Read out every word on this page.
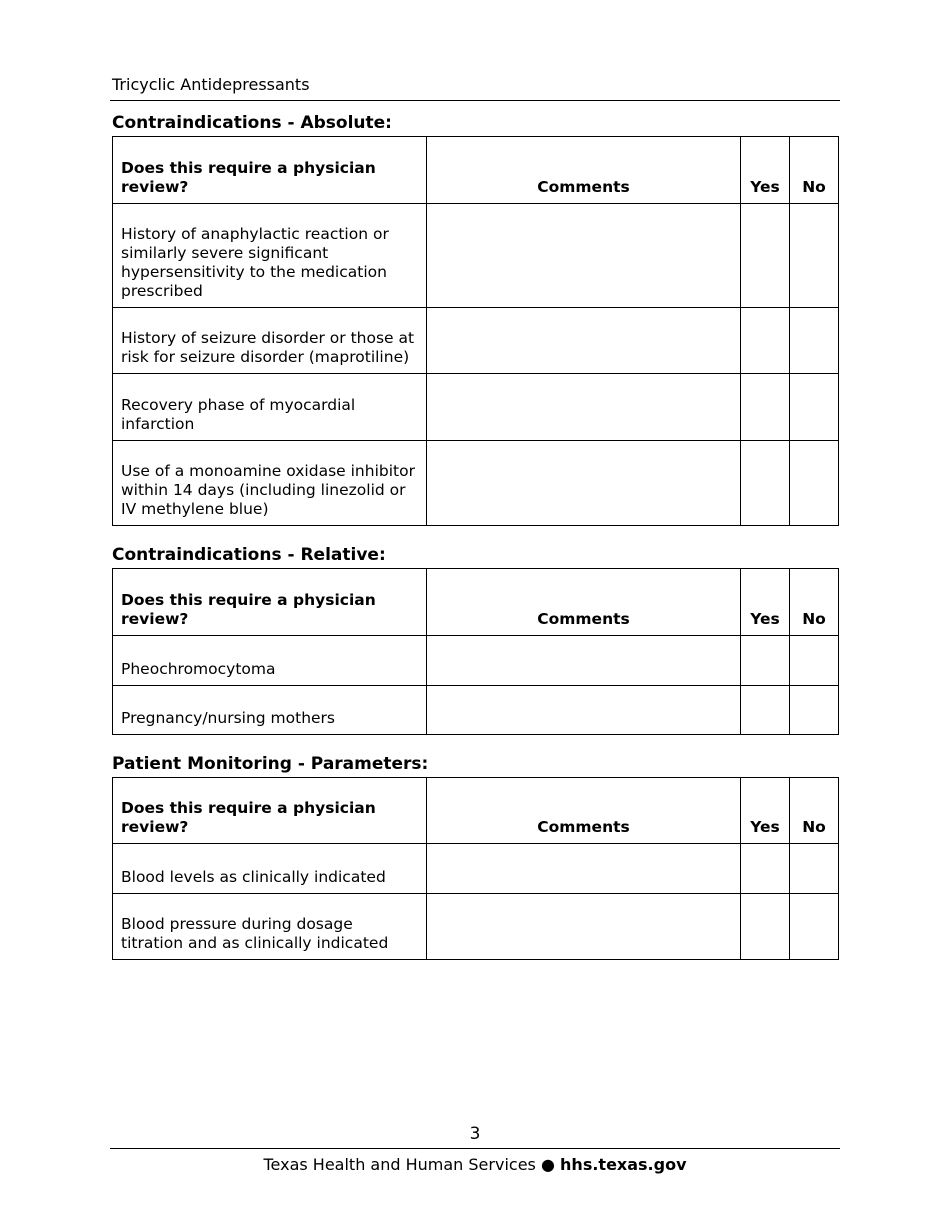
Tricyclic Antidepressants
Contraindications - Absolute:
Does this require a physician review?	Comments	Yes	No
History of anaphylactic reaction or similarly severe significant hypersensitivity to the medication prescribed			
History of seizure disorder or those at risk for seizure disorder (maprotiline)			
Recovery phase of myocardial infarction			
Use of a monoamine oxidase inhibitor within 14 days (including linezolid or IV methylene blue)			
Contraindications - Relative:
Does this require a physician review?	Comments	Yes	No
Pheochromocytoma			
Pregnancy/nursing mothers			
Patient Monitoring - Parameters:
Does this require a physician review?	Comments	Yes	No
Blood levels as clinically indicated			
Blood pressure during dosage titration and as clinically indicated			
3
Texas Health and Human Services ● hhs.texas.gov
